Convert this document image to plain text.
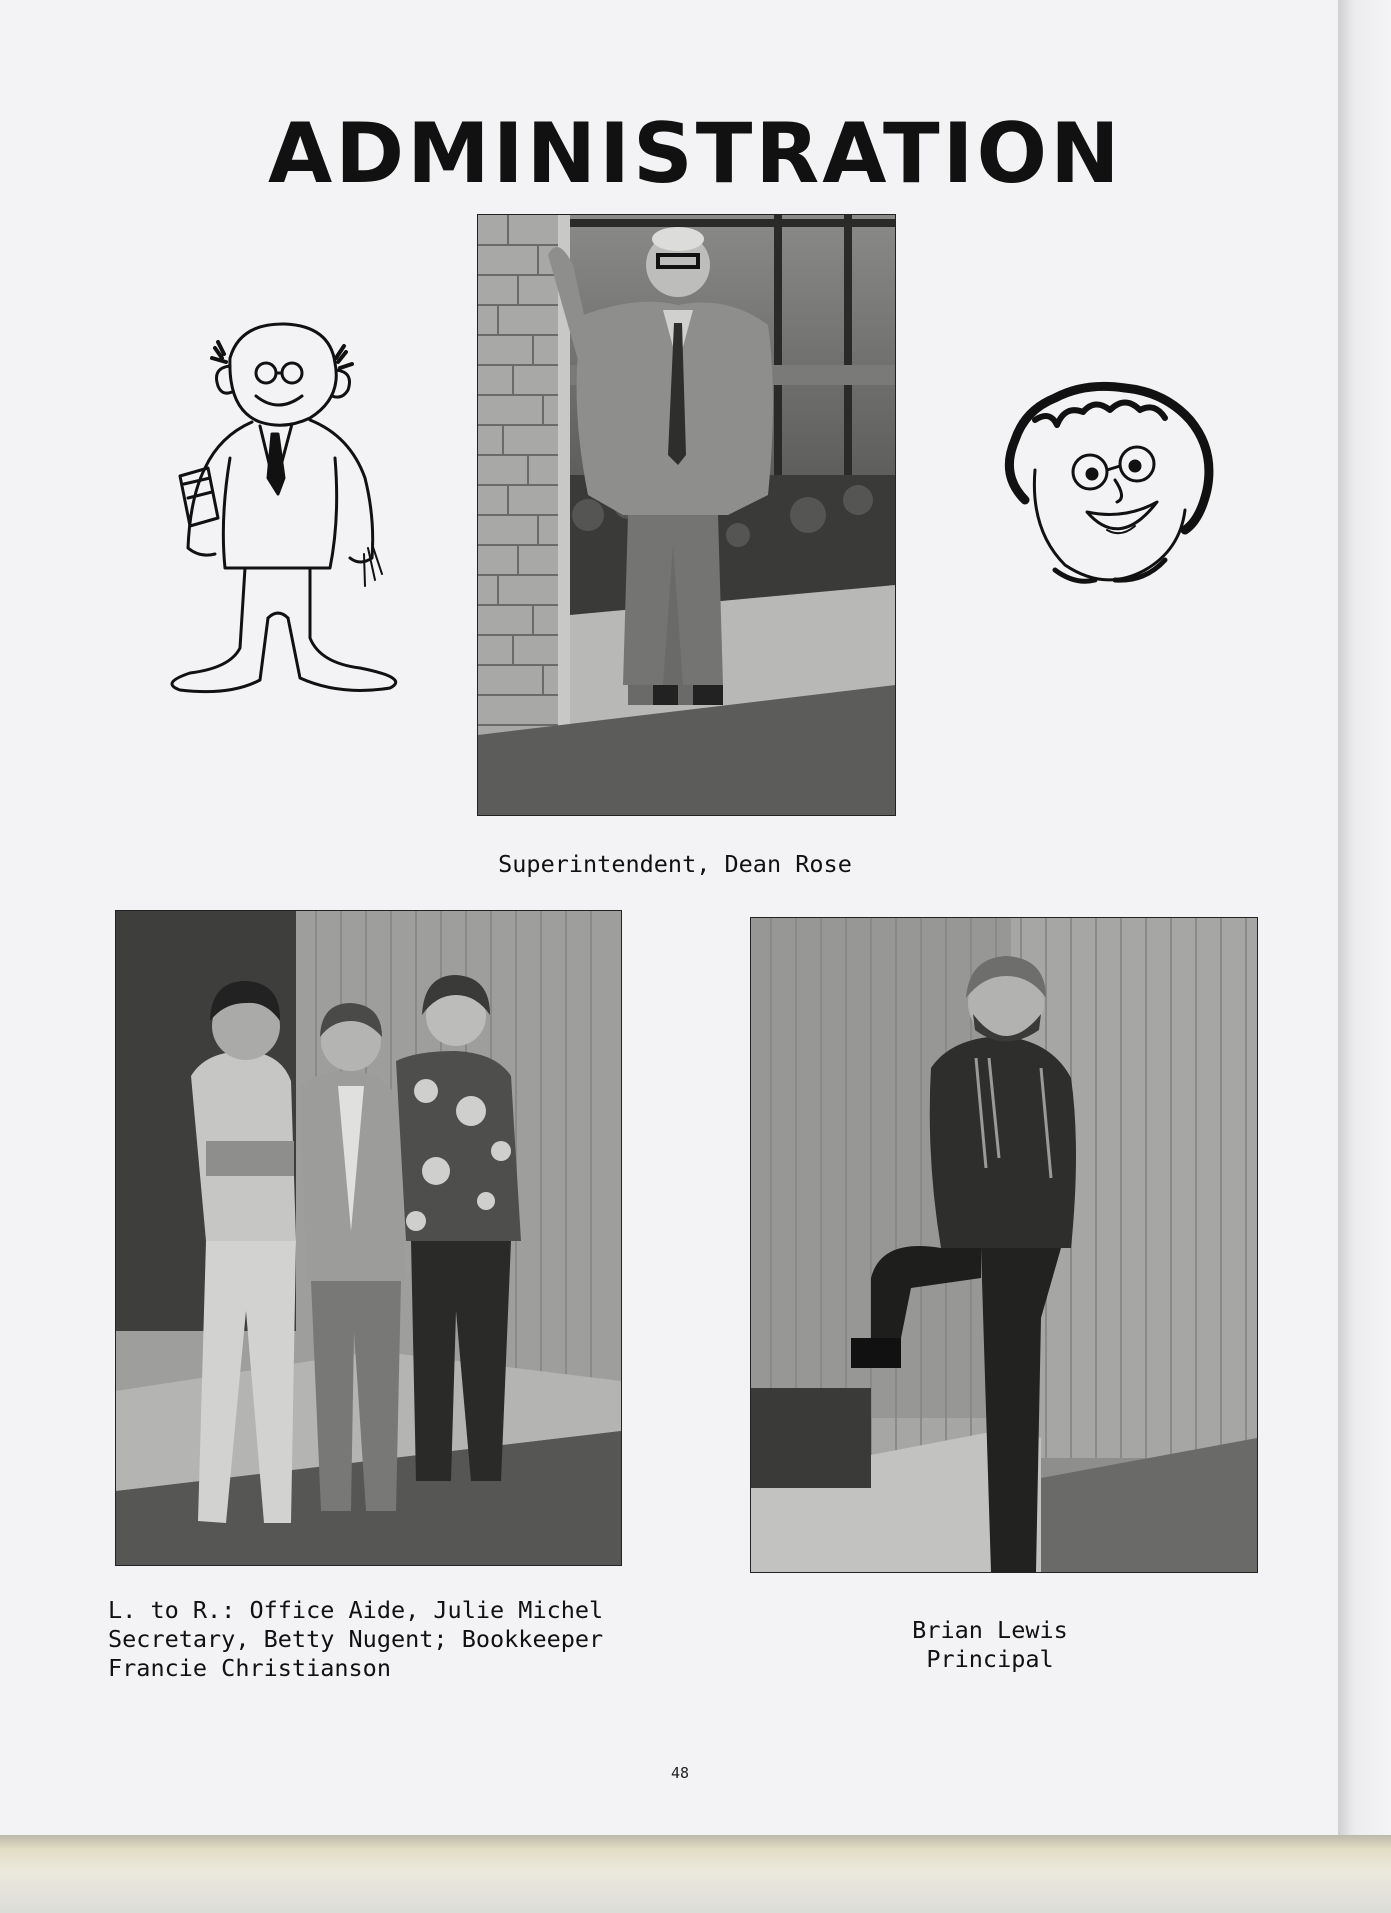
ADMINISTRATION
Superintendent, Dean Rose
L. to R.: Office Aide, Julie Michel
Secretary, Betty Nugent; Bookkeeper
Francie Christianson
Brian Lewis
Principal
48
